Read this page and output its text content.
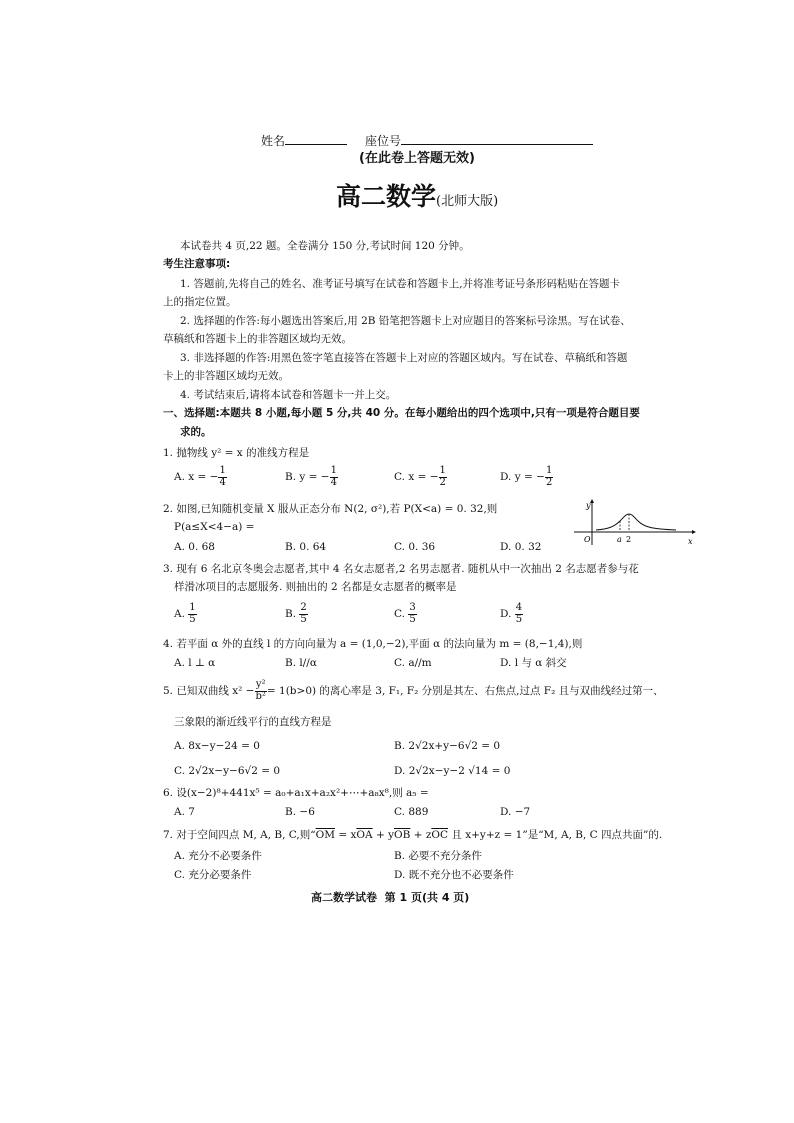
姓名	座位号
(在此卷上答题无效)
高二数学(北师大版)
本试卷共 4 页,22 题。全卷满分 150 分,考试时间 120 分钟。
考生注意事项:
1. 答题前,先将自己的姓名、准考证号填写在试卷和答题卡上,并将准考证号条形码粘贴在答题卡
上的指定位置。
2. 选择题的作答:每小题选出答案后,用 2B 铅笔把答题卡上对应题目的答案标号涂黑。写在试卷、
草稿纸和答题卡上的非答题区域均无效。
3. 非选择题的作答:用黑色签字笔直接答在答题卡上对应的答题区域内。写在试卷、草稿纸和答题
卡上的非答题区域均无效。
4. 考试结束后,请将本试卷和答题卡一并上交。
一、选择题:本题共 8 小题,每小题 5 分,共 40 分。在每小题给出的四个选项中,只有一项是符合题目要
求的。
1. 抛物线 y² = x 的准线方程是
A. x = − $\frac{1}{4}$	B. y = − $\frac{1}{4}$	C. x = − $\frac{1}{2}$	D. y = − $\frac{1}{2}$
2. 如图,已知随机变量 X 服从正态分布 N(2, σ²),若 P(X<a) = 0. 32,则
P(a≤X<4−a) =
A. 0. 68	B. 0. 64	C. 0. 36	D. 0. 32
y
x
O	a 2
3. 现有 6 名北京冬奥会志愿者,其中 4 名女志愿者,2 名男志愿者. 随机从中一次抽出 2 名志愿者参与花
样滑冰项目的志愿服务. 则抽出的 2 名都是女志愿者的概率是
A. $\frac{1}{5}$	B. $\frac{2}{5}$	C. $\frac{3}{5}$	D. $\frac{4}{5}$
4. 若平面 α 外的直线 l 的方向向量为 a = (1,0,−2),平面 α 的法向量为 m = (8,−1,4),则
A. l ⊥ α	B. l//α	C. a//m	D. l 与 α 斜交
5. 已知双曲线 $x^2 - \frac{\text{y²}}{\text{b²}} = 1(b>0)$ 的离心率是 3, F₁, F₂ 分别是其左、右焦点,过点 F₂ 且与双曲线经过第一、
三象限的渐近线平行的直线方程是
A. 8x−y−24 = 0	B. 2√2x+y−6√2 = 0
C. 2√2x−y−6√2 = 0	D. 2√2x−y−2 √14 = 0
6. 设(x−2)⁸+441x⁵ = a₀+a₁x+a₂x²+⋯+a₈x⁸,则 a₅ =
A. 7	B. −6	C. 889	D. −7
7. 对于空间四点 M, A, B, C,则“$\overline{OM} = x\overline{OA} + y\overline{OB} + z\overline{OC}$ 且 x+y+z = 1”是“M, A, B, C 四点共面”的.
A. 充分不必要条件	B. 必要不充分条件
C. 充分必要条件	D. 既不充分也不必要条件
高二数学试卷  第 1 页(共 4 页)
